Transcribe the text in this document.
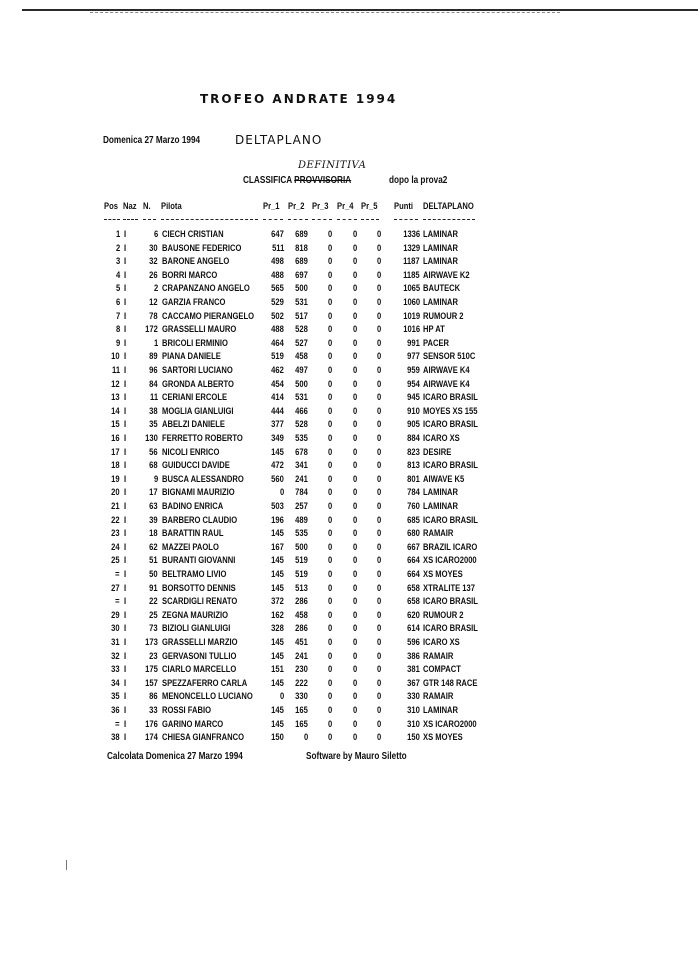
TROFEO ANDRATE 1994
Domenica 27 Marzo 1994	DELTAPLANO
DEFINITIVA
CLASSIFICA PROVVISORIA	dopo la prova2
Pos Naz N. Pilota	Pr_1 Pr_2 Pr_3 Pr_4 Pr_5 Punti DELTAPLANO
1 I	6 CIECH CRISTIAN	647 689 0 0 0 1336 LAMINAR
2 I 30 BAUSONE FEDERICO	511 818 0 0 0 1329 LAMINAR
3 I 32 BARONE ANGELO	498 689 0 0 0 1187 LAMINAR
4 I 26 BORRI MARCO	488 697 0 0 0 1185 AIRWAVE K2
5 I	2 CRAPANZANO ANGELO 565 500 0 0 0 1065 BAUTECK
6 I 12 GARZIA FRANCO	529 531 0 0 0 1060 LAMINAR
7 I 78 CACCAMO PIERANGELO 502 517 0 0 0 1019 RUMOUR 2
8 I 172 GRASSELLI MAURO	488 528 0 0 0 1016 HP AT
9 I	1 BRICOLI ERMINIO	464 527 0 0 0	991 PACER
10 I 89 PIANA DANIELE	519 458 0 0 0	977 SENSOR 510C
11 I 96 SARTORI LUCIANO	462 497 0 0 0	959 AIRWAVE K4
12 I 84 GRONDA ALBERTO	454 500 0 0 0	954 AIRWAVE K4
13 I	11 CERIANI ERCOLE	414 531 0 0 0	945 ICARO BRASIL
14 I 38 MOGLIA GIANLUIGI	444 466 0 0 0	910 MOYES XS 155
15 I 35 ABELZI DANIELE	377 528 0 0 0	905 ICARO BRASIL
16 I 130 FERRETTO ROBERTO	349 535 0 0 0	884 ICARO XS
17 I 56 NICOLI ENRICO	145 678 0 0 0	823 DESIRE
18 I 68 GUIDUCCI DAVIDE	472 341 0 0 0	813 ICARO BRASIL
19 I	9 BUSCA ALESSANDRO	560 241 0 0 0	801 AIWAVE K5
20 I 17 BIGNAMI MAURIZIO	0 784 0 0 0	784 LAMINAR
21 I 63 BADINO ENRICA	503 257 0 0 0	760 LAMINAR
22 I 39 BARBERO CLAUDIO	196 489 0 0 0	685 ICARO BRASIL
23 I 18 BARATTIN RAUL	145 535 0 0 0	680 RAMAIR
24 I 62 MAZZEI PAOLO	167 500 0 0 0	667 BRAZIL ICARO
25 I 51 BURANTI GIOVANNI	145 519 0 0 0	664 XS ICARO2000
= I 50 BELTRAMO LIVIO	145 519 0 0 0	664 XS MOYES
27 I 91 BORSOTTO DENNIS	145 513 0 0 0	658 XTRALITE 137
= I 22 SCARDIGLI RENATO	372 286 0 0 0	658 ICARO BRASIL
29 I 25 ZEGNA MAURIZIO	162 458 0 0 0	620 RUMOUR 2
30 I 73 BIZIOLI GIANLUIGI	328 286 0 0 0	614 ICARO BRASIL
31 I 173 GRASSELLI MARZIO	145 451 0 0 0	596 ICARO XS
32 I 23 GERVASONI TULLIO	145 241 0 0 0	386 RAMAIR
33 I 175 CIARLO MARCELLO	151 230 0 0 0	381 COMPACT
34 I 157 SPEZZAFERRO CARLA	145 222 0 0 0	367 GTR 148 RACE
35 I 86 MENONCELLO LUCIANO	0 330 0 0 0	330 RAMAIR
36 I 33 ROSSI FABIO	145 165 0 0 0	310 LAMINAR
= I 176 GARINO MARCO	145 165 0 0 0	310 XS ICARO2000
38 I 174 CHIESA GIANFRANCO	150 0 0 0 0	150 XS MOYES
Calcolata Domenica 27 Marzo 1994	Software by Mauro Siletto
